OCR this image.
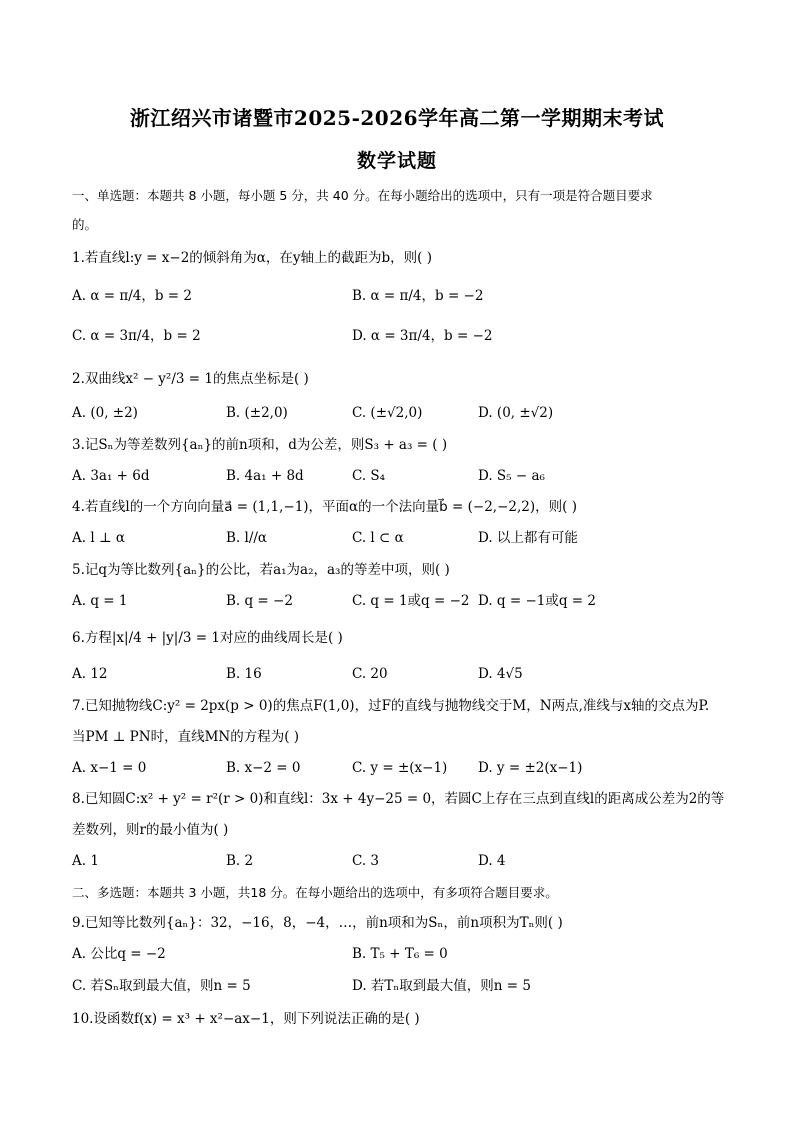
浙江绍兴市诸暨市2025-2026学年高二第一学期期末考试
数学试题
一、单选题：本题共 8 小题，每小题 5 分，共 40 分。在每小题给出的选项中，只有一项是符合题目要求
的。
1.若直线l:y = x−2的倾斜角为α，在y轴上的截距为b，则( )
A. α = π/4，b = 2	B. α = π/4，b = −2
C. α = 3π/4，b = 2	D. α = 3π/4，b = −2
2.双曲线x² − y²/3 = 1的焦点坐标是( )
A. (0, ±2)	B. (±2,0)	C. (±√2,0)	D. (0, ±√2)
3.记Sₙ为等差数列{aₙ}的前n项和，d为公差，则S₃ + a₃ = ( )
A. 3a₁ + 6d	B. 4a₁ + 8d	C. S₄	D. S₅ − a₆
4.若直线l的一个方向向量a⃗ = (1,1,−1)，平面α的一个法向量b⃗ = (−2,−2,2)，则( )
A. l ⊥ α	B. l//α	C. l ⊂ α	D. 以上都有可能
5.记q为等比数列{aₙ}的公比，若a₁为a₂，a₃的等差中项，则( )
A. q = 1	B. q = −2	C. q = 1或q = −2 D. q = −1或q = 2
6.方程|x|/4 + |y|/3 = 1对应的曲线周长是( )
A. 12	B. 16	C. 20	D. 4√5
7.已知抛物线C:y² = 2px(p > 0)的焦点F(1,0)，过F的直线与抛物线交于M，N两点,准线与x轴的交点为P.
当PM ⊥ PN时，直线MN的方程为( )
A. x−1 = 0	B. x−2 = 0	C. y = ±(x−1) D. y = ±2(x−1)
8.已知圆C:x² + y² = r²(r > 0)和直线l：3x + 4y−25 = 0，若圆C上存在三点到直线l的距离成公差为2的等
差数列，则r的最小值为( )
A. 1	B. 2	C. 3	D. 4
二、多选题：本题共 3 小题，共18 分。在每小题给出的选项中，有多项符合题目要求。
9.已知等比数列{aₙ}：32，−16，8，−4，…，前n项和为Sₙ，前n项积为Tₙ则( )
A. 公比q = −2	B. T₅ + T₆ = 0
C. 若Sₙ取到最大值，则n = 5	D. 若Tₙ取到最大值，则n = 5
10.设函数f(x) = x³ + x²−ax−1，则下列说法正确的是( )
